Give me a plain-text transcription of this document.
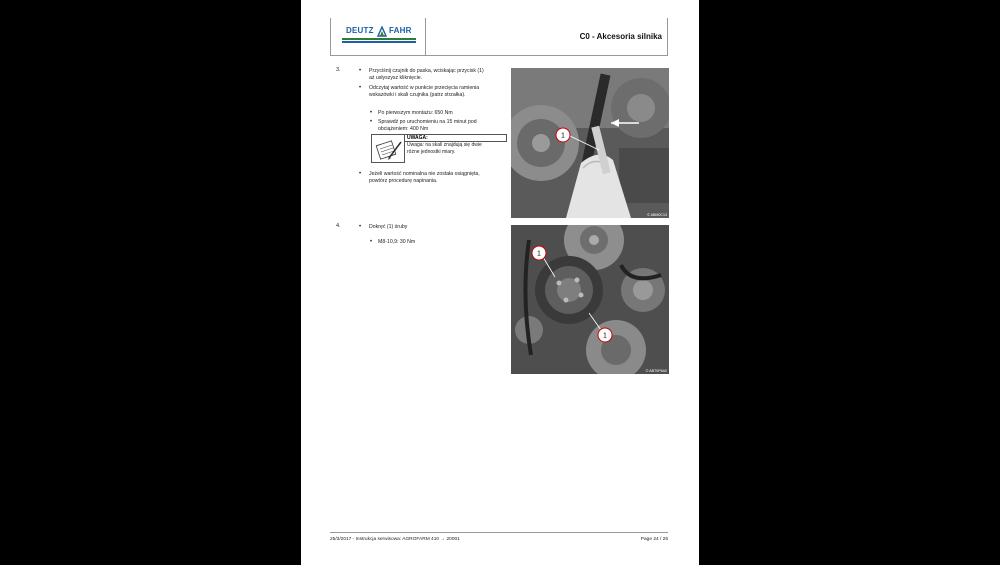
DEUTZ FAHR
C0 - Akcesoria silnika
3.	• Przyciśnij czujnik do paska, wciskając przycisk (1)
aż usłyszysz kliknięcie.
• Odczytaj wartość w punkcie przecięcia ramienia
wskazówki i skali czujnika (patrz strzałka).
• Po pierwszym montażu: 650 Nm
• Sprawdź po uruchomieniu na 15 minut pod
obciążeniem: 400 Nm
UWAGA:
Uwaga: na skali znajdują się dwie
różne jednostki miary.
• Jeżeli wartość nominalna nie została osiągnięta,
powtórz procedurę napinania.
1
© ABM0C13
4.	• Dokręć (1) śruby
• M8-10,9: 30 Nm
1
1
© ABT0P6A0
25/3/2017 - Instrukcja serwisowa: AGROFARM 410 → 20001	Page 24 / 26
